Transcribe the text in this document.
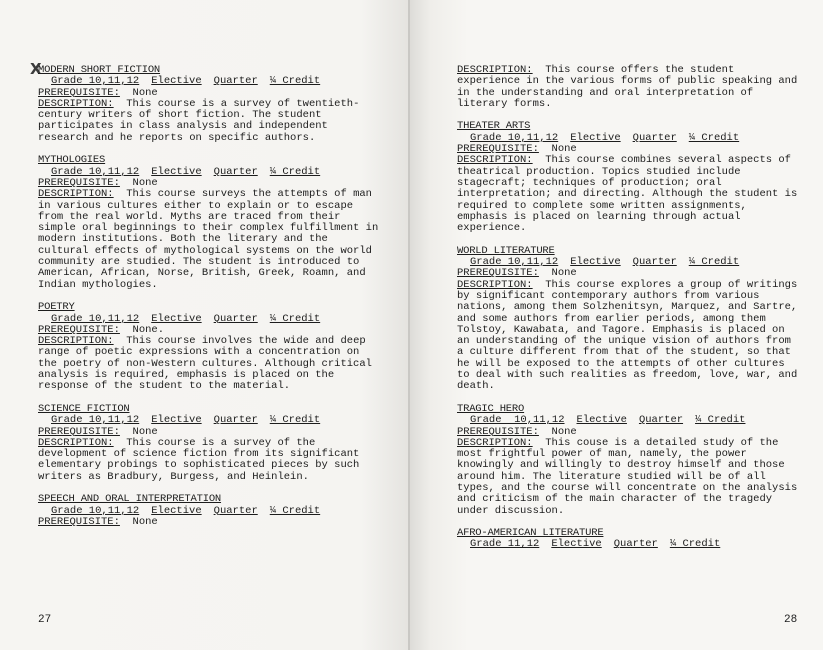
X
MODERN SHORT FICTION
Grade 10,11,12 Elective Quarter ¼ Credit
PREREQUISITE: None
DESCRIPTION: This course is a survey of twentieth-century writers of short fiction. The student participates in class analysis and independent research and he reports on specific authors.
MYTHOLOGIES
Grade 10,11,12 Elective Quarter ¼ Credit
PREREQUISITE: None
DESCRIPTION: This course surveys the attempts of man in various cultures either to explain or to escape from the real world. Myths are traced from their simple oral beginnings to their complex fulfillment in modern institutions. Both the literary and the cultural effects of mythological systems on the world community are studied. The student is introduced to American, African, Norse, British, Greek, Roamn, and Indian mythologies.
POETRY
Grade 10,11,12 Elective Quarter ¼ Credit
PREREQUISITE: None.
DESCRIPTION: This course involves the wide and deep range of poetic expressions with a concentration on the poetry of non-Western cultures. Although critical analysis is required, emphasis is placed on the response of the student to the material.
SCIENCE FICTION
Grade 10,11,12 Elective Quarter ¼ Credit
PREREQUISITE: None
DESCRIPTION: This course is a survey of the development of science fiction from its significant elementary probings to sophisticated pieces by such writers as Bradbury, Burgess, and Heinlein.
SPEECH AND ORAL INTERPRETATION
Grade 10,11,12 Elective Quarter ¼ Credit
PREREQUISITE: None
27
DESCRIPTION: This course offers the student experience in the various forms of public speaking and in the understanding and oral interpretation of literary forms.
THEATER ARTS
Grade 10,11,12 Elective Quarter ¼ Credit
PREREQUISITE: None
DESCRIPTION: This course combines several aspects of theatrical production. Topics studied include stagecraft; techniques of production; oral interpretation; and directing. Although the student is required to complete some written assignments, emphasis is placed on learning through actual experience.
WORLD LITERATURE
Grade 10,11,12 Elective Quarter ¼ Credit
PREREQUISITE: None
DESCRIPTION: This course explores a group of writings by significant contemporary authors from various nations, among them Solzhenitsyn, Marquez, and Sartre, and some authors from earlier periods, among them Tolstoy, Kawabata, and Tagore. Emphasis is placed on an understanding of the unique vision of authors from a culture different from that of the student, so that he will be exposed to the attempts of other cultures to deal with such realities as freedom, love, war, and death.
TRAGIC HERO
Grade  10,11,12 Elective Quarter ¼ Credit
PREREQUISITE: None
DESCRIPTION: This couse is a detailed study of the most frightful power of man, namely, the power knowingly and willingly to destroy himself and those around him. The literature studied will be of all types, and the course will concentrate on the analysis and criticism of the main character of the tragedy under discussion.
AFRO-AMERICAN LITERATURE
Grade 11,12 Elective Quarter ¼ Credit
28
